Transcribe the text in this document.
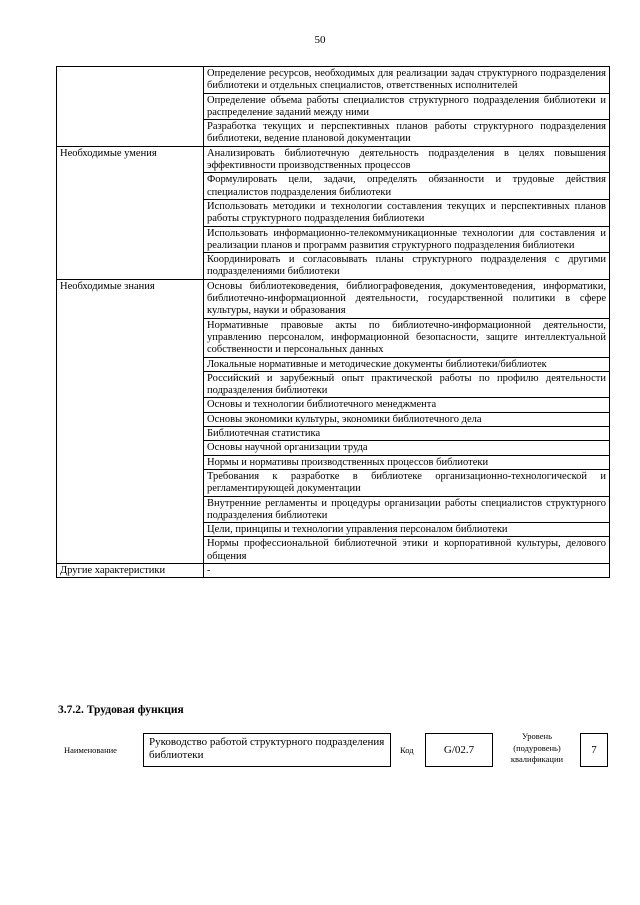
50
	Определение ресурсов, необходимых для реализации задач структурного подразделения библиотеки и отдельных специалистов, ответственных исполнителей
	Определение объема работы специалистов структурного подразделения библиотеки и распределение заданий между ними
	Разработка текущих и перспективных планов работы структурного подразделения библиотеки, ведение плановой документации
Необходимые умения	Анализировать библиотечную деятельность подразделения в целях повышения эффективности производственных процессов
	Формулировать цели, задачи, определять обязанности и трудовые действия специалистов подразделения библиотеки
	Использовать методики и технологии составления текущих и перспективных планов работы структурного подразделения библиотеки
	Использовать информационно-телекоммуникационные технологии для составления и реализации планов и программ развития структурного подразделения библиотеки
	Координировать и согласовывать планы структурного подразделения с другими подразделениями библиотеки
Необходимые знания	Основы библиотековедения, библиографоведения, документоведения, информатики, библиотечно-информационной деятельности, государственной политики в сфере культуры, науки и образования
	Нормативные правовые акты по библиотечно-информационной деятельности, управлению персоналом, информационной безопасности, защите интеллектуальной собственности и персональных данных
	Локальные нормативные и методические документы библиотеки/библиотек
	Российский и зарубежный опыт практической работы по профилю деятельности подразделения библиотеки
	Основы и технологии библиотечного менеджмента
	Основы экономики культуры, экономики библиотечного дела
	Библиотечная статистика
	Основы научной организации труда
	Нормы и нормативы производственных процессов библиотеки
	Требования к разработке в библиотеке организационно-технологической и регламентирующей документации
	Внутренние регламенты и процедуры организации работы специалистов структурного подразделения библиотеки
	Цели, принципы и технологии управления персоналом библиотеки
	Нормы профессиональной библиотечной этики и корпоративной культуры, делового общения
Другие характеристики	-
3.7.2. Трудовая функция
Наименование
Руководство работой структурного подразделения библиотеки	Код	G/02.7
Уровень (подуровень) квалификации
7
